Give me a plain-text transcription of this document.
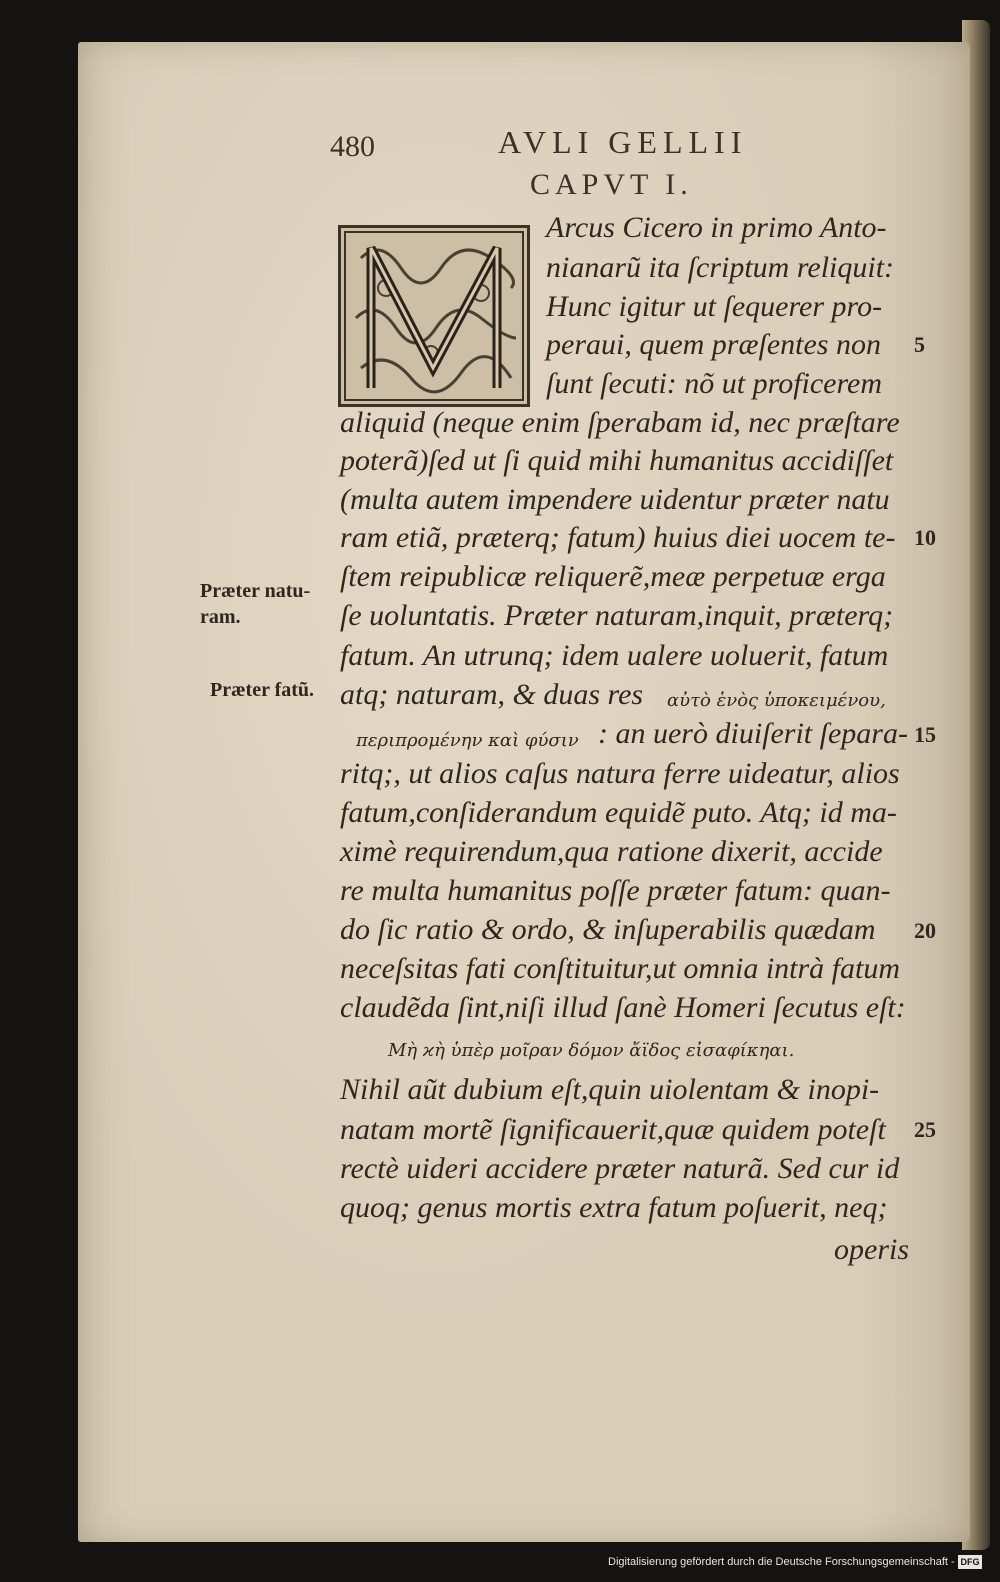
480	AVLI GELLII
CAPVT I.
Arcus Cicero in primo Anto-
nianarũ ita ſcriptum reliquit:
Hunc igitur ut ſequerer pro-
peraui, quem præſentes non
ſunt ſecuti: nõ ut proficerem
aliquid (neque enim ſperabam id, nec præſtare
poterã)ſed ut ſi quid mihi humanitus accidiſſet
(multa autem impendere uidentur præter natu
ram etiã, præterq; fatum) huius diei uocem te-
ſtem reipublicæ reliquerẽ,meæ perpetuæ erga
ſe uoluntatis. Præter naturam,inquit, præterq;
fatum. An utrunq; idem ualere uoluerit, fatum
atq; naturam, & duas res αὐτὸ ἑνὸς ὑποκειμένου,
περιπρομένην καὶ φύσιν : an uerò diuiſerit ſepara-
ritq;, ut alios caſus natura ferre uideatur, alios
fatum,conſiderandum equidẽ puto. Atq; id ma-
ximè requirendum,qua ratione dixerit, accide
re multa humanitus poſſe præter fatum: quan-
do ſic ratio & ordo, & inſuperabilis quædam
neceſsitas fati conſtituitur,ut omnia intrà fatum
claudẽda ſint,niſi illud ſanè Homeri ſecutus eſt:
Μὴ ϰὴ ὑπὲρ μοῖραν δόμον ἄϊδος εἰσαφίκηαι.
Nihil aũt dubium eſt,quin uiolentam & inopi-
natam mortẽ ſignificauerit,quæ quidem poteſt
rectè uideri accidere præter naturã. Sed cur id
quoq; genus mortis extra fatum poſuerit, neq;
operis
5
10
15
20
25
Præter natu- ram.
Præter fatũ.
Digitalisierung gefördert durch die Deutsche Forschungsgemeinschaft - DFG
